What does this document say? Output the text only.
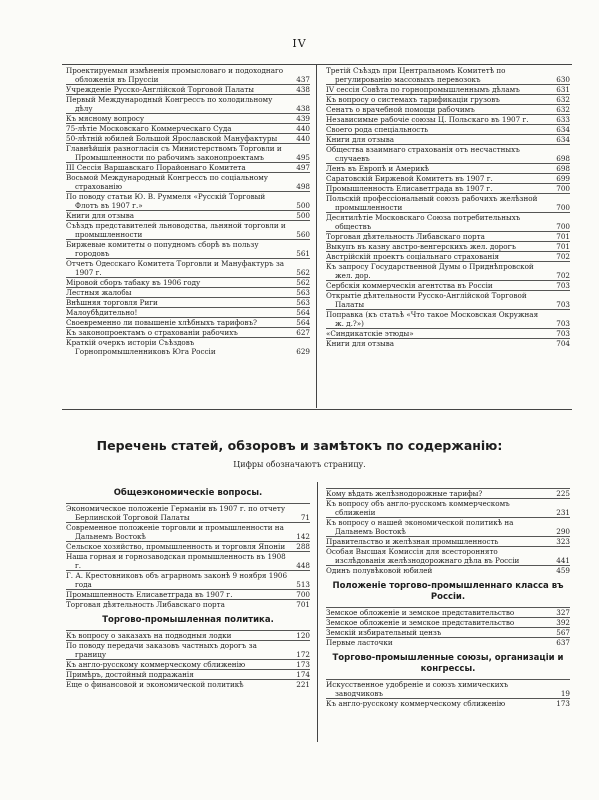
IV
Проектируемыя измѣненія промысловаго и подоходнаго обложенія въ Пруссіи	437
Учрежденіе Русско-Англійской Торговой Палаты	438
Первый Международный Конгрессъ по холодильному дѣлу	438
Къ мясному вопросу	439
75-лѣтіе Московскаго Коммерческаго Суда	440
50-лѣтній юбилей Большой Ярославской Мануфактуры	440
Главнѣйшія разногласія съ Министерствомъ Торговли и Промышленности по рабочимъ законопроектамъ	495
III Сессія Варшавскаго Порайоннаго Комитета	497
Восьмой Международный Конгрессъ по соціальному страхованію	498
По поводу статьи Ю. В. Руммеля «Русскій Торговый Флотъ въ 1907 г.»	500
Книги для отзыва	500
Съѣздъ представителей льноводства, льняной торговли и промышленности	560
Биржевые комитеты о попудномъ сборѣ въ пользу городовъ	561
Отчетъ Одесскаго Комитета Торговли и Мануфактуръ за 1907 г.	562
Міровой сборъ табаку въ 1906 году	562
Лестныя жалобы	563
Внѣшняя торговля Риги	563
Малоубѣдительно!	564
Своевременно ли повышеніе хлѣбныхъ тарифовъ?	564
Къ законопроектамъ о страхованіи рабочихъ	627
Краткій очеркъ исторіи Съѣздовъ Горнопромышленниковъ Юга Россіи	629
Третій Съѣздъ при Центральномъ Комитетѣ по регулированію массовыхъ перевозокъ	630
IV сессія Совѣта по горнопромышленнымъ дѣламъ	631
Къ вопросу о системахъ тарификаціи грузовъ	632
Сенатъ о врачебной помощи рабочимъ	632
Независимые рабочіе союзы Ц. Польскаго въ 1907 г.	633
Своего рода спеціальность	634
Книги для отзыва	634
Общества взаимнаго страхованія отъ несчастныхъ случаевъ	698
Ленъ въ Европѣ и Америкѣ	698
Саратовскій Биржевой Комитетъ въ 1907 г.	699
Промышленность Елисаветграда въ 1907 г.	700
Польскій профессіональный союзъ рабочихъ желѣзной промышленности	700
Десятилѣтіе Московскаго Союза потребительныхъ обществъ	700
Торговая дѣятельность Либавскаго порта	701
Выкупъ въ казну австро-венгерскихъ жел. дорогъ	701
Австрійскій проектъ соціальнаго страхованія	702
Къ запросу Государственной Думы о Приднѣпровской жел. дор.	702
Сербскія коммерческія агентства въ Россіи	703
Открытіе дѣятельности Русско-Англійской Торговой Палаты	703
Поправка (къ статьѣ «Что такое Московская Окружная ж. д.?»)	703
«Синдикатскіе этюды»	703
Книги для отзыва	704
Перечень статей, обзоровъ и замѣтокъ по содержанію:
Цифры обозначаютъ страницу.
Общеэкономическіе вопросы.
Экономическое положеніе Германіи въ 1907 г. по отчету Берлинской Торговой Палаты	71
Современное положеніе торговли и промышленности на Дальнемъ Востокѣ	142
Сельское хозяйство, промышленность и торговля Японіи	288
Наша горная и горнозаводская промышленность въ 1908 г.	448
Г. А. Крестовниковъ объ аграрномъ законѣ 9 ноября 1906 года	513
Промышленность Елисаветграда въ 1907 г.	700
Торговая дѣятельность Либавскаго порта	701
Торгово-промышленная политика.
Къ вопросу о заказахъ на подводныя лодки	120
По поводу передачи заказовъ частныхъ дорогъ за границу	172
Къ англо-русскому коммерческому сближенію	173
Примѣръ, достойный подражанія	174
Еще о финансовой и экономической политикѣ	221
Кому вѣдать желѣзнодорожные тарифы?	225
Къ вопросу объ англо-русскомъ коммерческомъ сближеніи	231
Къ вопросу о нашей экономической политикѣ на Дальнемъ Востокѣ	290
Правительство и желѣзная промышленность	323
Особая Высшая Комиссія для всестороннято изслѣдованія желѣзнодорожнаго дѣла въ Россіи	441
Одинъ полувѣковой юбилей	459
Положеніе торгово-промышленнаго класса въ Россіи.
Земское обложеніе и земское представительство	327
Земское обложеніе и земское представительство	392
Земскій избирательный цензъ	567
Первые ласточки	637
Торгово-промышленные союзы, организаціи и конгрессы.
Искусственное удобреніе и союзъ химическихъ заводчиковъ	19
Къ англо-русскому коммерческому сближенію	173
